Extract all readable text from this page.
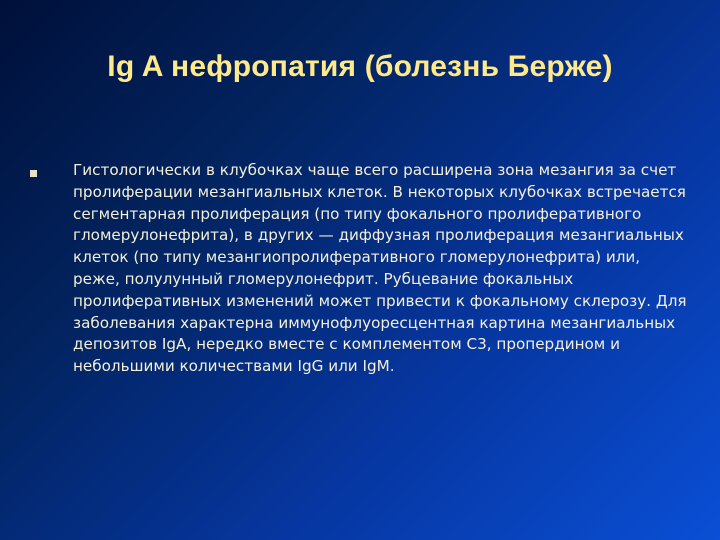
Ig A нефропатия (болезнь Берже)

Гистологически в клубочках чаще всего расширена зона мезангия за счет пролиферации мезангиальных клеток. В некоторых клубочках встречается сегментарная пролиферация (по типу фокального пролиферативного гломерулонефрита), в других — диффузная пролиферация мезангиальных клеток (по типу мезангиопролиферативного гломерулонефрита) или, реже, полулунный гломерулонефрит. Рубцевание фокальных пролиферативных изменений может привести к фокальному склерозу. Для заболевания характерна иммунофлуоресцентная картина мезангиальных депозитов IgA, нередко вместе с комплементом С3, пропердином и небольшими количествами IgG или IgM.
